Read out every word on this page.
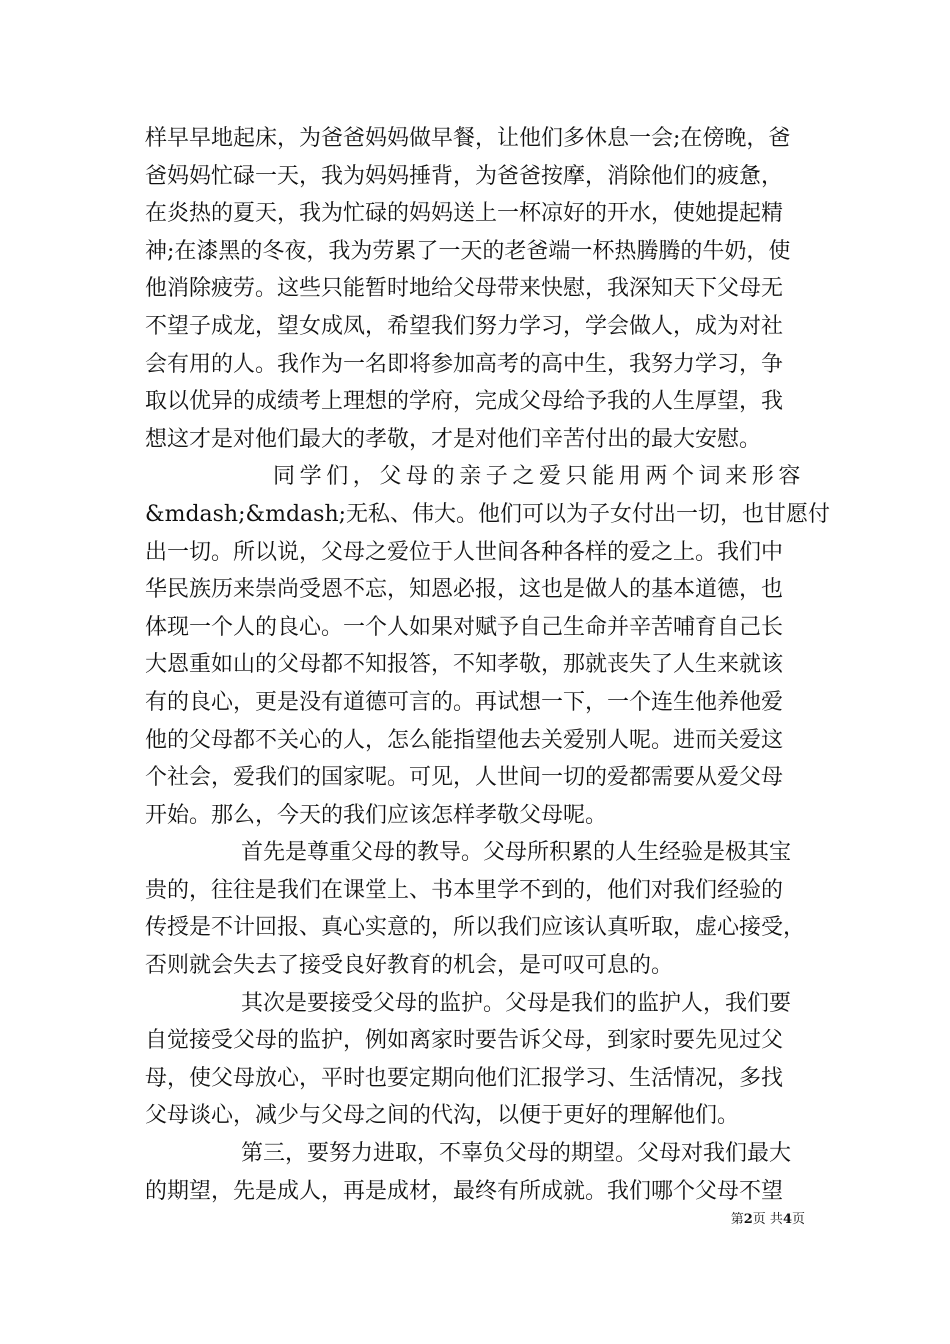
样早早地起床，为爸爸妈妈做早餐，让他们多休息一会;在傍晚，爸
爸妈妈忙碌一天，我为妈妈捶背，为爸爸按摩，消除他们的疲惫，
在炎热的夏天，我为忙碌的妈妈送上一杯凉好的开水，使她提起精
神;在漆黑的冬夜，我为劳累了一天的老爸端一杯热腾腾的牛奶，使
他消除疲劳。这些只能暂时地给父母带来快慰，我深知天下父母无
不望子成龙，望女成凤，希望我们努力学习，学会做人，成为对社
会有用的人。我作为一名即将参加高考的高中生，我努力学习，争
取以优异的成绩考上理想的学府，完成父母给予我的人生厚望，我
想这才是对他们最大的孝敬，才是对他们辛苦付出的最大安慰。
同学们，父母的亲子之爱只能用两个词来形容
&mdash;&mdash;无私、伟大。他们可以为子女付出一切，也甘愿付
出一切。所以说，父母之爱位于人世间各种各样的爱之上。我们中
华民族历来崇尚受恩不忘，知恩必报，这也是做人的基本道德，也
体现一个人的良心。一个人如果对赋予自己生命并辛苦哺育自己长
大恩重如山的父母都不知报答，不知孝敬，那就丧失了人生来就该
有的良心，更是没有道德可言的。再试想一下，一个连生他养他爱
他的父母都不关心的人，怎么能指望他去关爱别人呢。进而关爱这
个社会，爱我们的国家呢。可见，人世间一切的爱都需要从爱父母
开始。那么，今天的我们应该怎样孝敬父母呢。
首先是尊重父母的教导。父母所积累的人生经验是极其宝
贵的，往往是我们在课堂上、书本里学不到的，他们对我们经验的
传授是不计回报、真心实意的，所以我们应该认真听取，虚心接受，
否则就会失去了接受良好教育的机会，是可叹可息的。
其次是要接受父母的监护。父母是我们的监护人，我们要
自觉接受父母的监护，例如离家时要告诉父母，到家时要先见过父
母，使父母放心，平时也要定期向他们汇报学习、生活情况，多找
父母谈心，减少与父母之间的代沟，以便于更好的理解他们。
第三，要努力进取，不辜负父母的期望。父母对我们最大
的期望，先是成人，再是成材，最终有所成就。我们哪个父母不望
第2页 共4页
